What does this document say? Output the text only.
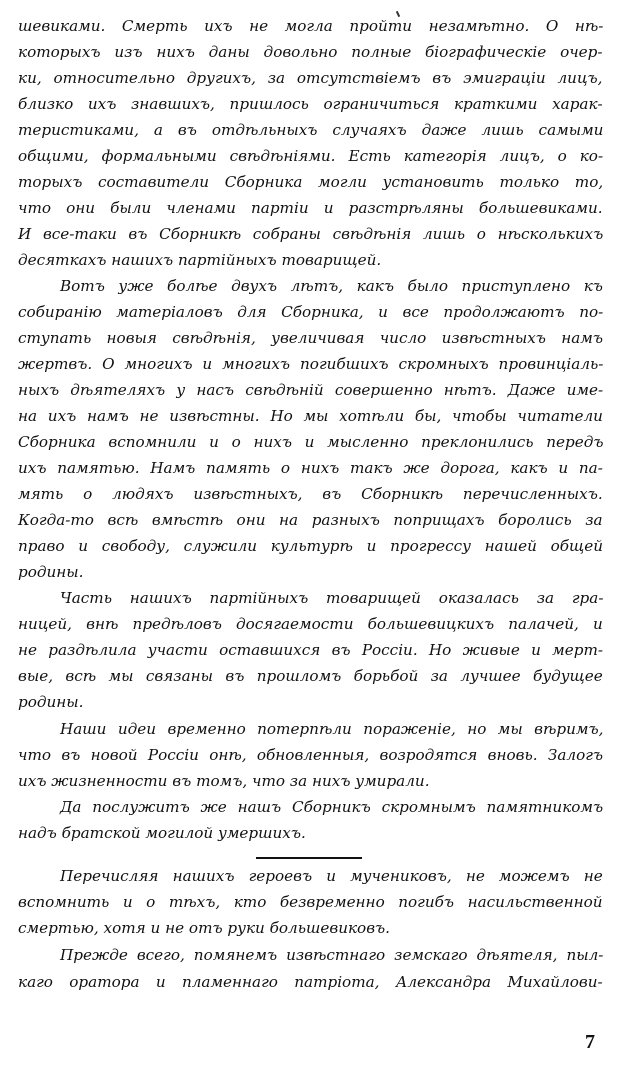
шевиками. Смерть ихъ не могла пройти незамѣтно. О нѣ-
которыхъ изъ нихъ даны довольно полные біографическіе очер-
ки, относительно другихъ, за отсутствіемъ въ эмиграціи лицъ,
близко ихъ знавшихъ, пришлось ограничиться краткими харак-
теристиками, а въ отдѣльныхъ случаяхъ даже лишь самыми
общими, формальными свѣдѣніями. Есть категорія лицъ, о ко-
торыхъ составители Сборника могли установить только то,
что они были членами партіи и разстрѣляны большевиками.
И все-таки въ Сборникѣ собраны свѣдѣнія лишь о нѣсколькихъ
десяткахъ нашихъ партійныхъ товарищей.
Вотъ уже болѣе двухъ лѣтъ, какъ было приступлено къ
собиранію матеріаловъ для Сборника, и все продолжаютъ по-
ступать новыя свѣдѣнія, увеличивая число извѣстныхъ намъ
жертвъ. О многихъ и многихъ погибшихъ скромныхъ провинціаль-
ныхъ дѣятеляхъ у насъ свѣдѣній совершенно нѣтъ. Даже име-
на ихъ намъ не извѣстны. Но мы хотѣли бы, чтобы читатели
Сборника вспомнили и о нихъ и мысленно преклонились передъ
ихъ памятью. Намъ память о нихъ такъ же дорога, какъ и па-
мять о людяхъ извѣстныхъ, въ Сборникѣ перечисленныхъ.
Когда-то всѣ вмѣстѣ они на разныхъ поприщахъ боролись за
право и свободу, служили культурѣ и прогрессу нашей общей
родины.
Часть нашихъ партійныхъ товарищей оказалась за гра-
ницей, внѣ предѣловъ досягаемости большевицкихъ палачей, и
не раздѣлила участи оставшихся въ Россіи. Но живые и мерт-
вые, всѣ мы связаны въ прошломъ борьбой за лучшее будущее
родины.
Наши идеи временно потерпѣли пораженіе, но мы вѣримъ,
что въ новой Россіи онѣ, обновленныя, возродятся вновь. Залогъ
ихъ жизненности въ томъ, что за нихъ умирали.
Да послужитъ же нашъ Сборникъ скромнымъ памятникомъ
надъ братской могилой умершихъ.
Перечисляя нашихъ героевъ и мучениковъ, не можемъ не
вспомнить и о тѣхъ, кто безвременно погибъ насильственной
смертью, хотя и не отъ руки большевиковъ.
Прежде всего, помянемъ извѣстнаго земскаго дѣятеля, пыл-
каго оратора и пламеннаго патріота, Александра Михайлови-
7
